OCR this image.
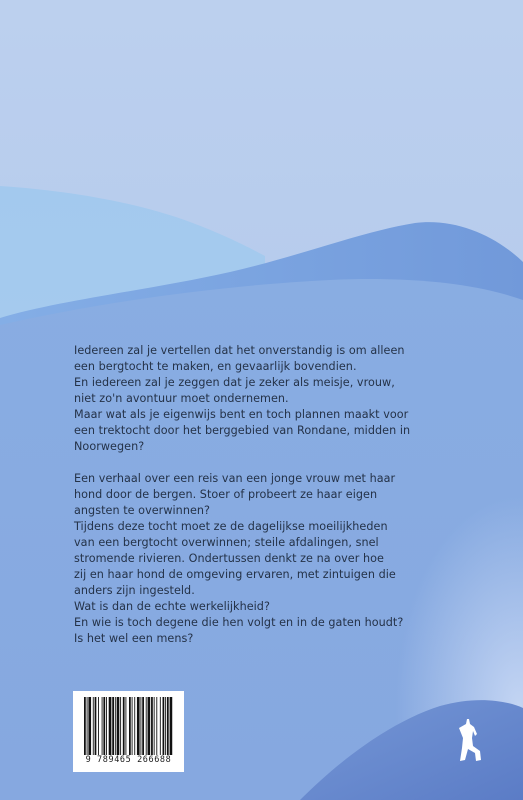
Iedereen zal je vertellen dat het onverstandig is om alleen
een bergtocht te maken, en gevaarlijk bovendien.
En iedereen zal je zeggen dat je zeker als meisje, vrouw,
niet zo'n avontuur moet ondernemen.
Maar wat als je eigenwijs bent en toch plannen maakt voor
een trektocht door het berggebied van Rondane, midden in
Noorwegen?

Een verhaal over een reis van een jonge vrouw met haar
hond door de bergen. Stoer of probeert ze haar eigen
angsten te overwinnen?
Tijdens deze tocht moet ze de dagelijkse moeilijkheden
van een bergtocht overwinnen; steile afdalingen, snel
stromende rivieren. Ondertussen denkt ze na over hoe
zij en haar hond de omgeving ervaren, met zintuigen die
anders zijn ingesteld.
Wat is dan de echte werkelijkheid?
En wie is toch degene die hen volgt en in de gaten houdt?
Is het wel een mens?

9 789465 266688
